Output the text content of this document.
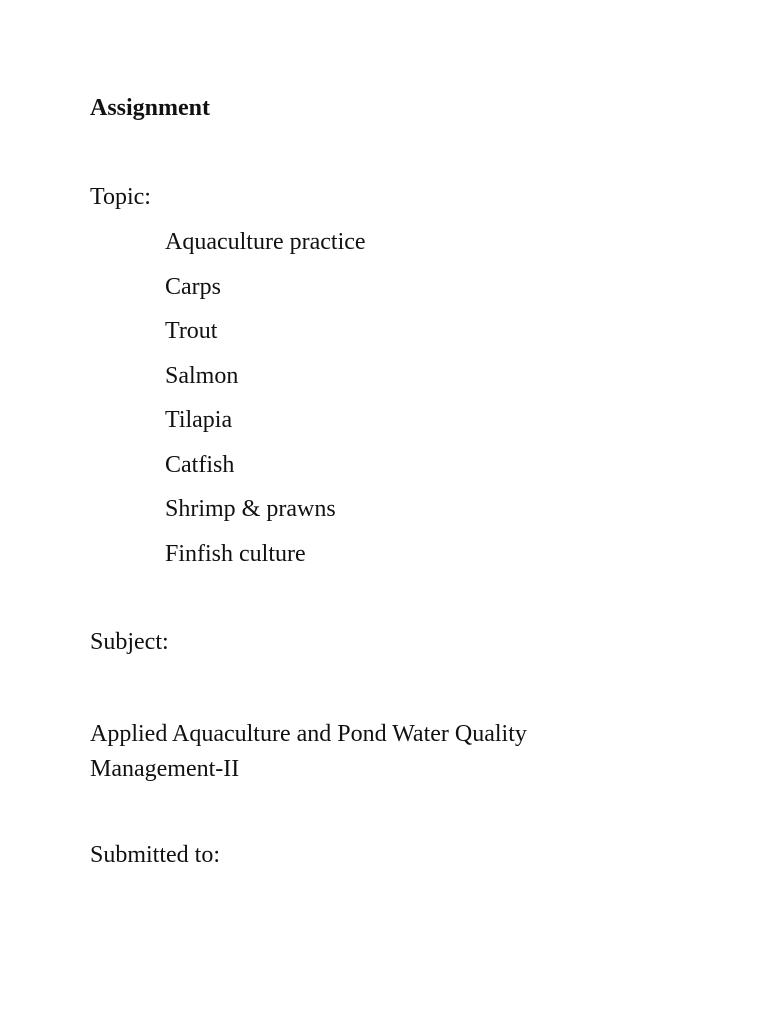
Assignment
Topic:
Aquaculture practice
Carps
Trout
Salmon
Tilapia
Catfish
Shrimp & prawns
Finfish culture
Subject:
Applied Aquaculture and Pond Water Quality Management-II
Submitted to:
